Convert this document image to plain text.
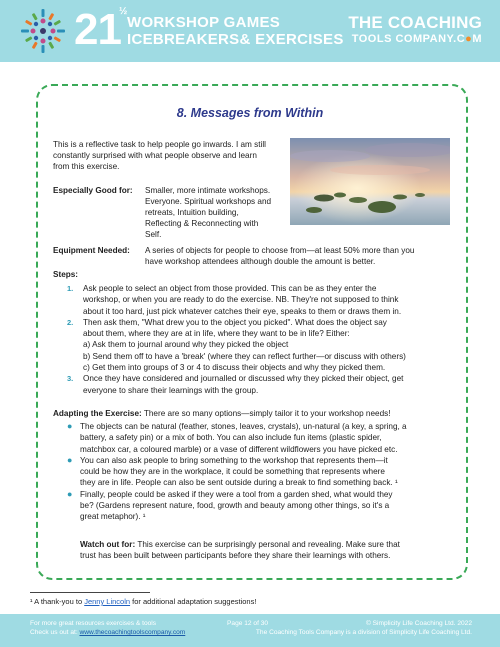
21
½
WORKSHOP GAMES
ICEBREAKERS& EXERCISES
THE COACHING
TOOLS COMPANY.C●M
8. Messages from Within
This is a reflective task to help people go inwards. I am still
constantly surprised with what people observe and learn
from this exercise.
Especially Good for: Smaller, more intimate workshops.
Everyone. Spiritual workshops and
retreats, Intuition building,
Reflecting & Reconnecting with
Self.
Equipment Needed: A series of objects for people to choose from—at least 50% more than you
have workshop attendees although double the amount is better.
Steps:
1. Ask people to select an object from those provided. This can be as they enter the
workshop, or when you are ready to do the exercise. NB. They're not supposed to think
about it too hard, just pick whatever catches their eye, speaks to them or draws them in.
2. Then ask them, "What drew you to the object you picked". What does the object say
about them, where they are at in life, where they want to be in life? Either:
a) Ask them to journal around why they picked the object
b) Send them off to have a 'break' (where they can reflect further—or discuss with others)
c) Get them into groups of 3 or 4 to discuss their objects and why they picked them.
3. Once they have considered and journalled or discussed why they picked their object, get
everyone to share their learnings with the group.
Adapting the Exercise: There are so many options—simply tailor it to your workshop needs!
● The objects can be natural (feather, stones, leaves, crystals), un-natural (a key, a spring, a
battery, a safety pin) or a mix of both. You can also include fun items (plastic spider,
matchbox car, a coloured marble) or a vase of different wildflowers you have picked etc.
● You can also ask people to bring something to the workshop that represents them—it
could be how they are in the workplace, it could be something that represents where
they are in life. People can also be sent outside during a break to find something back. ¹
● Finally, people could be asked if they were a tool from a garden shed, what would they
be? (Gardens represent nature, food, growth and beauty among other things, so it's a
great metaphor). ¹
Watch out for: This exercise can be surprisingly personal and revealing. Make sure that
trust has been built between participants before they share their learnings with others.
¹ A thank-you to Jenny Lincoln for additional adaptation suggestions!
For more great resources exercises & tools
Check us out at: www.thecoachingtoolscompany.com
Page 12 of 30	© Simplicity Life Coaching Ltd. 2022
The Coaching Tools Company is a division of Simplicity Life Coaching Ltd.
